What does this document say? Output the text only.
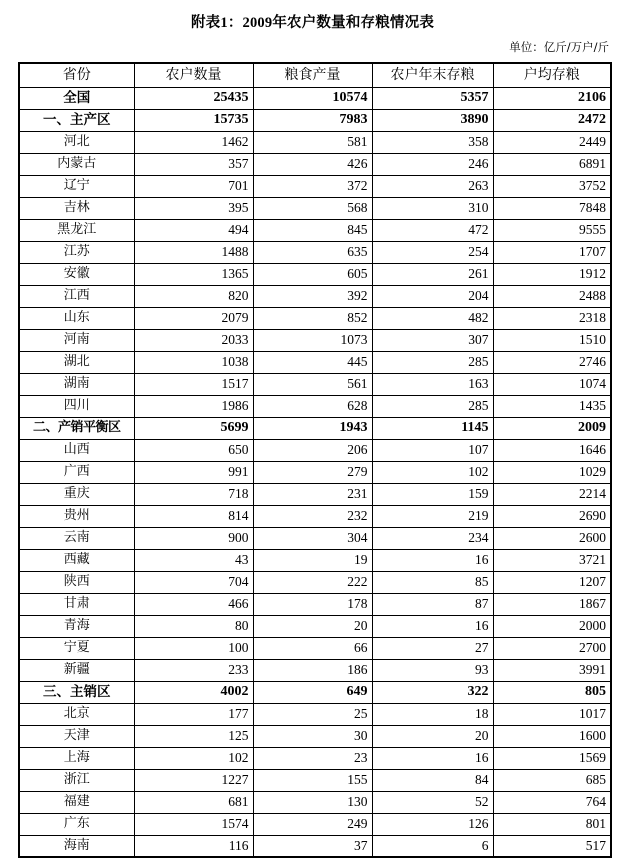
附表1：2009年农户数量和存粮情况表
单位：亿斤/万户/斤
省份	农户数量	粮食产量	农户年末存粮	户均存粮
全国	25435	10574	5357	2106
一、主产区	15735	7983	3890	2472
河北	1462	581	358	2449
内蒙古	357	426	246	6891
辽宁	701	372	263	3752
吉林	395	568	310	7848
黑龙江	494	845	472	9555
江苏	1488	635	254	1707
安徽	1365	605	261	1912
江西	820	392	204	2488
山东	2079	852	482	2318
河南	2033	1073	307	1510
湖北	1038	445	285	2746
湖南	1517	561	163	1074
四川	1986	628	285	1435
二、产销平衡区	5699	1943	1145	2009
山西	650	206	107	1646
广西	991	279	102	1029
重庆	718	231	159	2214
贵州	814	232	219	2690
云南	900	304	234	2600
西藏	43	19	16	3721
陕西	704	222	85	1207
甘肃	466	178	87	1867
青海	80	20	16	2000
宁夏	100	66	27	2700
新疆	233	186	93	3991
三、主销区	4002	649	322	805
北京	177	25	18	1017
天津	125	30	20	1600
上海	102	23	16	1569
浙江	1227	155	84	685
福建	681	130	52	764
广东	1574	249	126	801
海南	116	37	6	517
